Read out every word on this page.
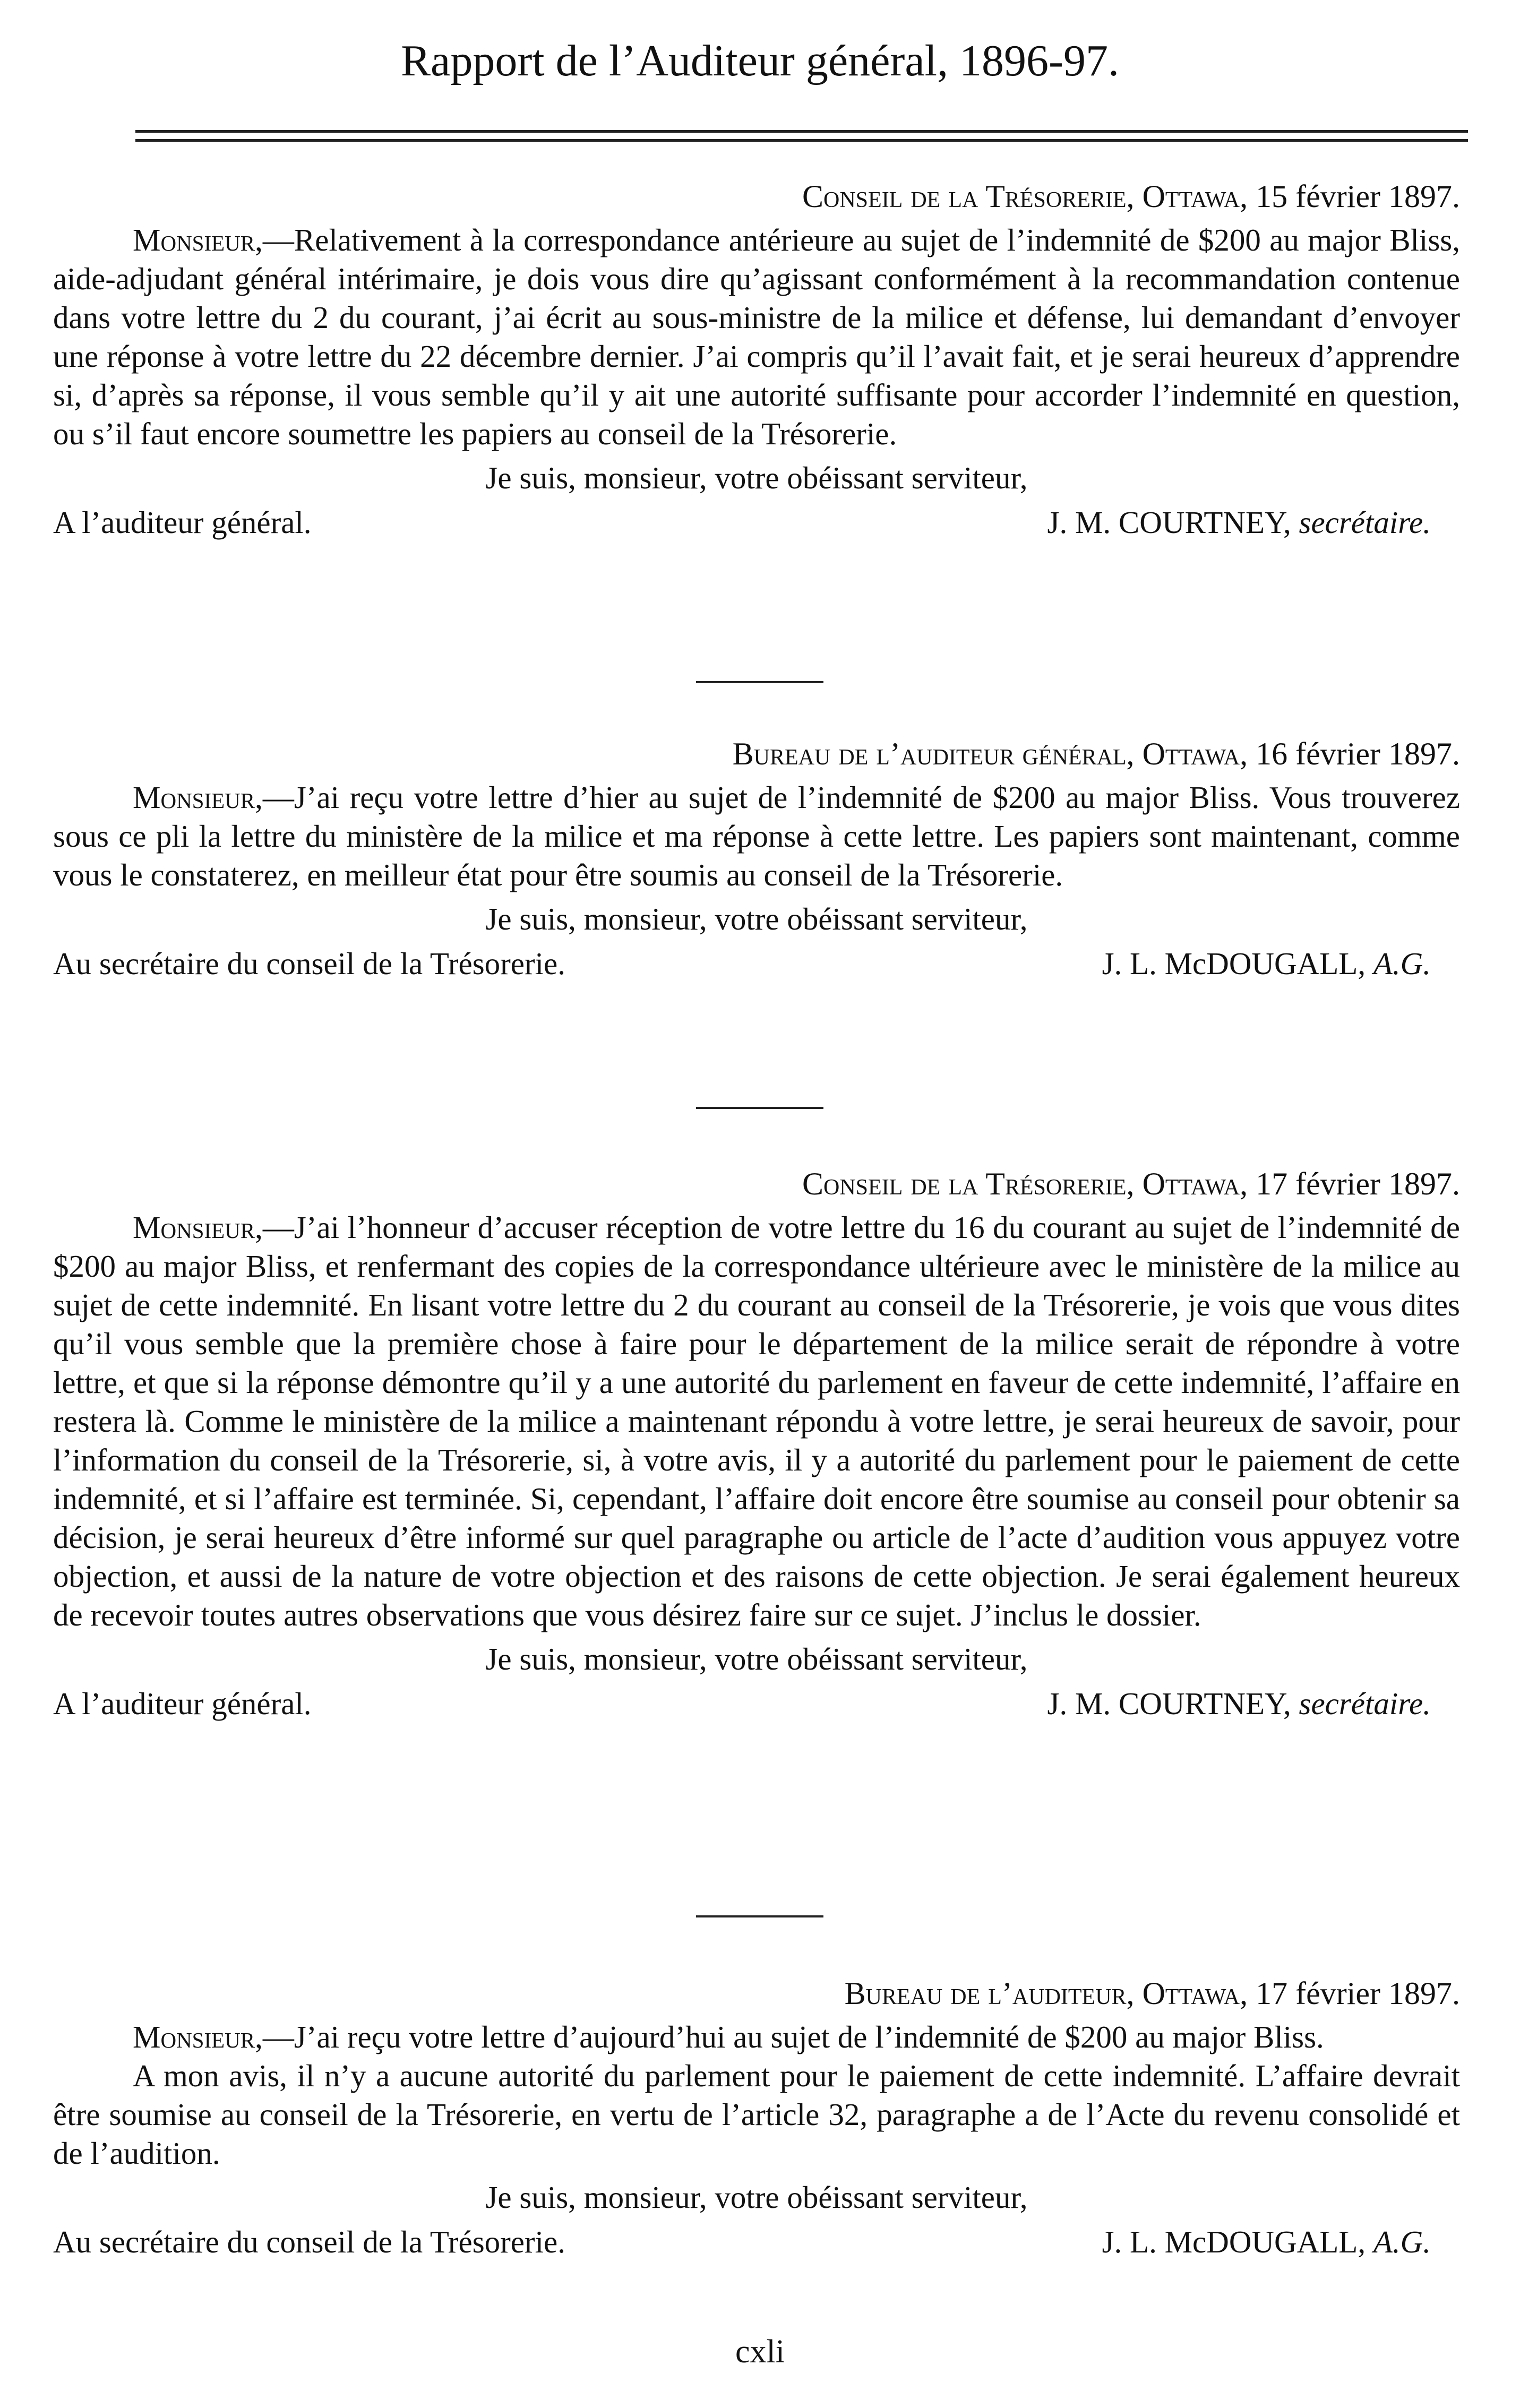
Rapport de l’Auditeur général, 1896-97.
Conseil de la Trésorerie, Ottawa, 15 février 1897.

Monsieur,—Relativement à la correspondance antérieure au sujet de l’indemnité de $200 au major Bliss, aide-adjudant général intérimaire, je dois vous dire qu’agissant conformément à la recommandation contenue dans votre lettre du 2 du courant, j’ai écrit au sous-ministre de la milice et défense, lui demandant d’envoyer une réponse à votre lettre du 22 décembre dernier. J’ai compris qu’il l’avait fait, et je serai heureux d’apprendre si, d’après sa réponse, il vous semble qu’il y ait une autorité suffisante pour accorder l’indemnité en question, ou s’il faut encore soumettre les papiers au conseil de la Trésorerie.

Je suis, monsieur, votre obéissant serviteur,
A l’auditeur général.	J. M. COURTNEY, secrétaire.
Bureau de l’auditeur général, Ottawa, 16 février 1897.

Monsieur,—J’ai reçu votre lettre d’hier au sujet de l’indemnité de $200 au major Bliss. Vous trouverez sous ce pli la lettre du ministère de la milice et ma réponse à cette lettre. Les papiers sont maintenant, comme vous le constaterez, en meilleur état pour être soumis au conseil de la Trésorerie.

Je suis, monsieur, votre obéissant serviteur,
Au secrétaire du conseil de la Trésorerie.	J. L. McDOUGALL, A.G.
Conseil de la Trésorerie, Ottawa, 17 février 1897.

Monsieur,—J’ai l’honneur d’accuser réception de votre lettre du 16 du courant au sujet de l’indemnité de $200 au major Bliss, et renfermant des copies de la correspondance ultérieure avec le ministère de la milice au sujet de cette indemnité. En lisant votre lettre du 2 du courant au conseil de la Trésorerie, je vois que vous dites qu’il vous semble que la première chose à faire pour le département de la milice serait de répondre à votre lettre, et que si la réponse démontre qu’il y a une autorité du parlement en faveur de cette indemnité, l’affaire en restera là. Comme le ministère de la milice a maintenant répondu à votre lettre, je serai heureux de savoir, pour l’information du conseil de la Trésorerie, si, à votre avis, il y a autorité du parlement pour le paiement de cette indemnité, et si l’affaire est terminée. Si, cependant, l’affaire doit encore être soumise au conseil pour obtenir sa décision, je serai heureux d’être informé sur quel paragraphe ou article de l’acte d’audition vous appuyez votre objection, et aussi de la nature de votre objection et des raisons de cette objection. Je serai également heureux de recevoir toutes autres observations que vous désirez faire sur ce sujet. J’inclus le dossier.

Je suis, monsieur, votre obéissant serviteur,
A l’auditeur général.	J. M. COURTNEY, secrétaire.
Bureau de l’auditeur, Ottawa, 17 février 1897.

Monsieur,—J’ai reçu votre lettre d’aujourd’hui au sujet de l’indemnité de $200 au major Bliss.

A mon avis, il n’y a aucune autorité du parlement pour le paiement de cette indemnité. L’affaire devrait être soumise au conseil de la Trésorerie, en vertu de l’article 32, paragraphe a de l’Acte du revenu consolidé et de l’audition.

Je suis, monsieur, votre obéissant serviteur,
Au secrétaire du conseil de la Trésorerie.	J. L. McDOUGALL, A.G.
cxli
